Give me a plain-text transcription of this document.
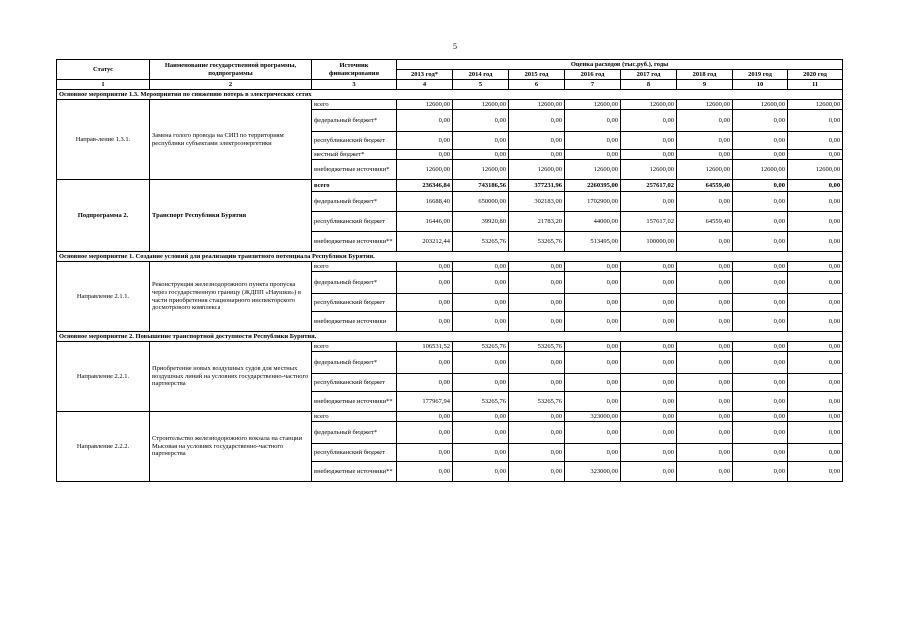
5
Статус	Наименование государственной программы, подпрограммы	Источник финансирования	Оценка расходов (тыс.руб.), годы							
			2013 год*	2014 год	2015 год	2016 год	2017 год	2018 год	2019 год	2020 год
1	2	3	4	5	6	7	8	9	10	11
Основное мероприятие 1.3. Мероприятия по снижению потерь в электрических сетях										
Направ-ление 1.3.1.	Замена голого провода на СИП по территориям республики субъектами электроэнергетики	всего	12600,00	12600,00	12600,00	12600,00	12600,00	12600,00	12600,00	12600,00
		федеральный бюджет*	0,00	0,00	0,00	0,00	0,00	0,00	0,00	0,00
		республиканский бюджет	0,00	0,00	0,00	0,00	0,00	0,00	0,00	0,00
		местный бюджет*	0,00	0,00	0,00	0,00	0,00	0,00	0,00	0,00
		внебюджетные источники*	12600,00	12600,00	12600,00	12600,00	12600,00	12600,00	12600,00	12600,00
Подпрограмма 2.	Транспорт Республики Бурятия	всего	236346,84	743186,56	377231,96	2260395,00	257617,02	64559,40	0,00	0,00
		федеральный бюджет*	16688,40	650000,00	302183,00	1702900,00	0,00	0,00	0,00	0,00
		республиканский бюджет	16446,00	39920,80	21783,20	44000,00	157617,02	64559,40	0,00	0,00
		внебюджетные источники**	203212,44	53265,76	53265,76	513495,00	100000,00	0,00	0,00	0,00
Основное мероприятие 1. Создание условий для реализации транзитного потенциала Республики Бурятия.										
Направление 2.1.1.	Реконструкция железнодорожного пункта пропуска через государственную границу (ЖДПП «Наушки») в части приобретения стационарного инспекторского досмотрового комплекса	всего	0,00	0,00	0,00	0,00	0,00	0,00	0,00	0,00
		федеральный бюджет*	0,00	0,00	0,00	0,00	0,00	0,00	0,00	0,00
		республиканский бюджет	0,00	0,00	0,00	0,00	0,00	0,00	0,00	0,00
		внебюджетные источники	0,00	0,00	0,00	0,00	0,00	0,00	0,00	0,00
Основное мероприятие 2. Повышение транспортной доступности Республики Бурятия.										
Направление 2.2.1.	Приобретение новых воздушных судов для местных воздушных линий на условиях государственно-частного партнерства	всего	106531,52	53265,76	53265,76	0,00	0,00	0,00	0,00	0,00
		федеральный бюджет*	0,00	0,00	0,00	0,00	0,00	0,00	0,00	0,00
		республиканский бюджет	0,00	0,00	0,00	0,00	0,00	0,00	0,00	0,00
		внебюджетные источники**	177967,94	53265,76	53265,76	0,00	0,00	0,00	0,00	0,00
Направление 2.2.2.	Строительство железнодорожного вокзала на станции Мысовая на условиях государственно-частного партнерства	всего	0,00	0,00	0,00	323000,00	0,00	0,00	0,00	0,00
		федеральный бюджет*	0,00	0,00	0,00	0,00	0,00	0,00	0,00	0,00
		республиканский бюджет	0,00	0,00	0,00	0,00	0,00	0,00	0,00	0,00
		внебюджетные источники**	0,00	0,00	0,00	323000,00	0,00	0,00	0,00	0,00
